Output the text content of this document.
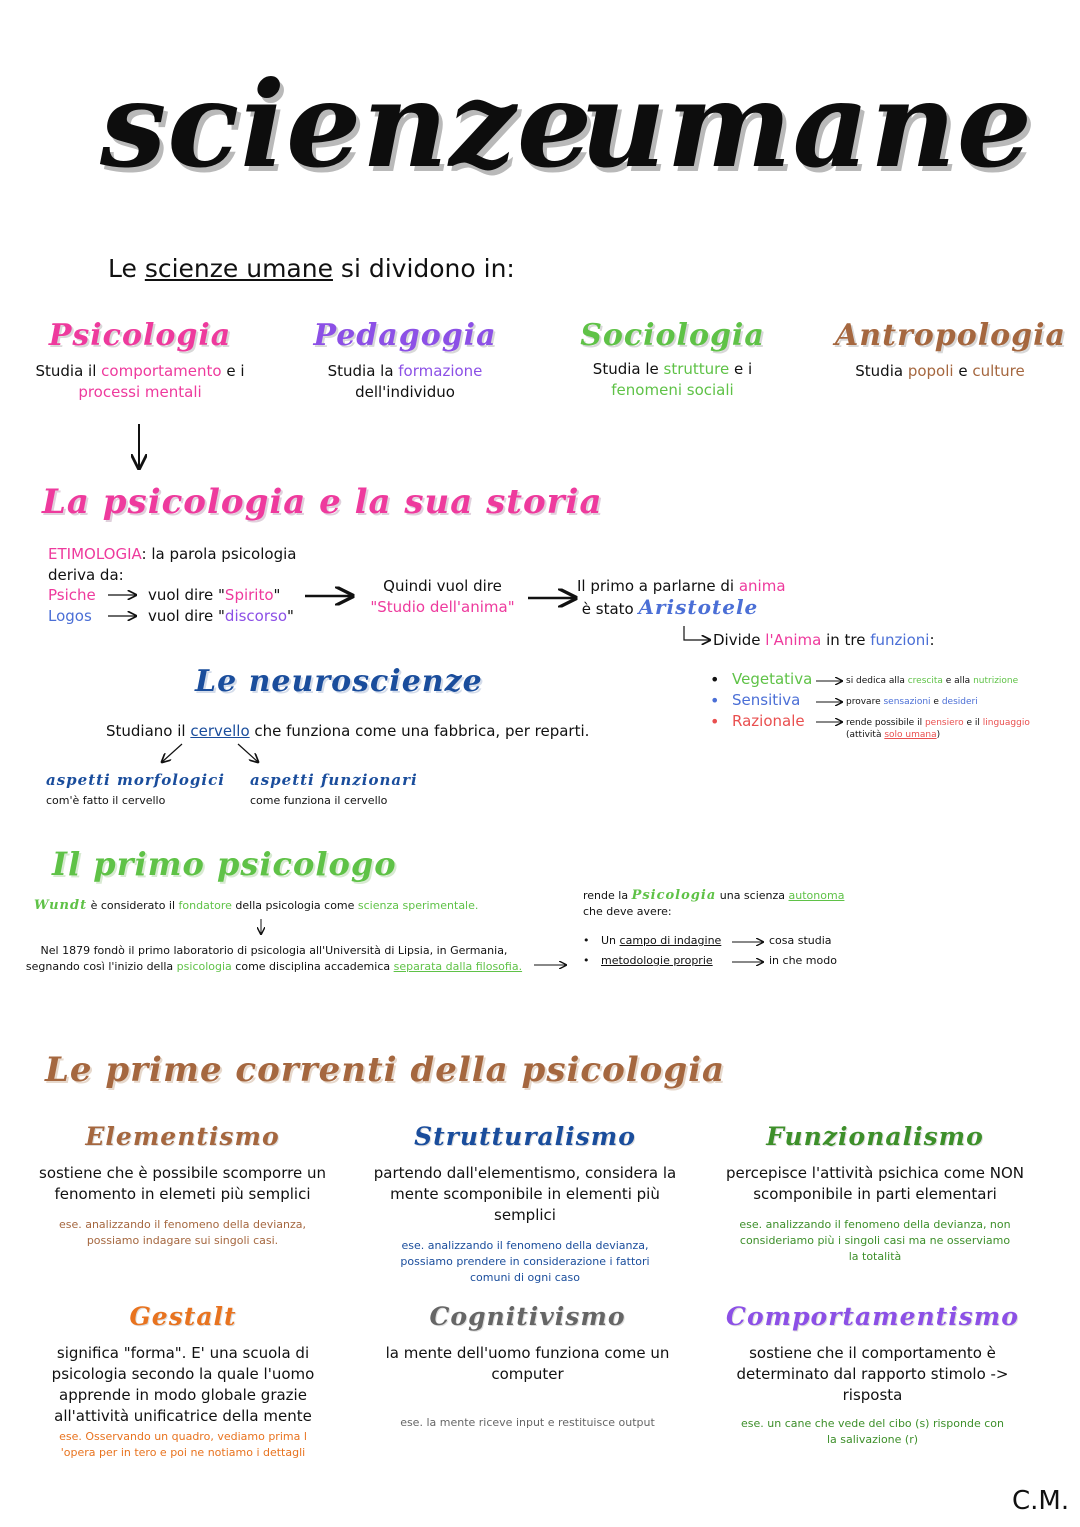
scienze
umane
Le scienze umane si dividono in:
Psicologia
Studia il comportamento e i
processi mentali
Pedagogia
Studia la formazione dell'individuo
Sociologia
Studia le strutture e i
fenomeni sociali
Antropologia
Studia popoli e culture
La psicologia e la sua storia
ETIMOLOGIA: la parola psicologia deriva da:
Psiche	vuol dire "Spirito"
Logos	vuol dire "discorso"
Quindi vuol dire
"Studio dell'anima"
Il primo a parlarne di anima
è stato Aristotele
Divide l'Anima in tre funzioni:
• Vegetativa	si dedica alla crescita e alla nutrizione
• Sensitiva	provare sensazioni e desideri
• Razionale	rende possibile il pensiero e il linguaggio
(attività solo umana)
Le neuroscienze
Studiano il cervello che funziona come una fabbrica, per reparti.
aspetti morfologici
com'è fatto il cervello
aspetti funzionari
come funziona il cervello
Il primo psicologo
Wundt è considerato il fondatore della psicologia come scienza sperimentale.
Nel 1879 fondò il primo laboratorio di psicologia all'Università di Lipsia, in Germania,
segnando così l'inizio della psicologia come disciplina accademica separata dalla filosofia.
rende la Psicologia una scienza autonoma
che deve avere:
• Un campo di indagine	cosa studia
• metodologie proprie	in che modo
Le prime correnti della psicologia
Elementismo
sostiene che è possibile scomporre un fenomento in elemeti più semplici
ese. analizzando il fenomeno della devianza, possiamo indagare sui singoli casi.
Strutturalismo
partendo dall'elementismo, considera la mente scomponibile in elementi più semplici
ese. analizzando il fenomeno della devianza, possiamo prendere in considerazione i fattori comuni di ogni caso
Funzionalismo
percepisce l'attività psichica come NON scomponibile in parti elementari
ese. analizzando il fenomeno della devianza, non consideriamo più i singoli casi ma ne osserviamo la totalità
Gestalt
significa "forma". E' una scuola di psicologia secondo la quale l'uomo apprende in modo globale grazie all'attività unificatrice della mente
ese. Osservando un quadro, vediamo prima l 'opera per in tero e poi ne notiamo i dettagli
Cognitivismo
la mente dell'uomo funziona come un computer
ese. la mente riceve input e restituisce output
Comportamentismo
sostiene che il comportamento è determinato dal rapporto stimolo -> risposta
ese. un cane che vede del cibo (s) risponde con la salivazione (r)
C.M.
